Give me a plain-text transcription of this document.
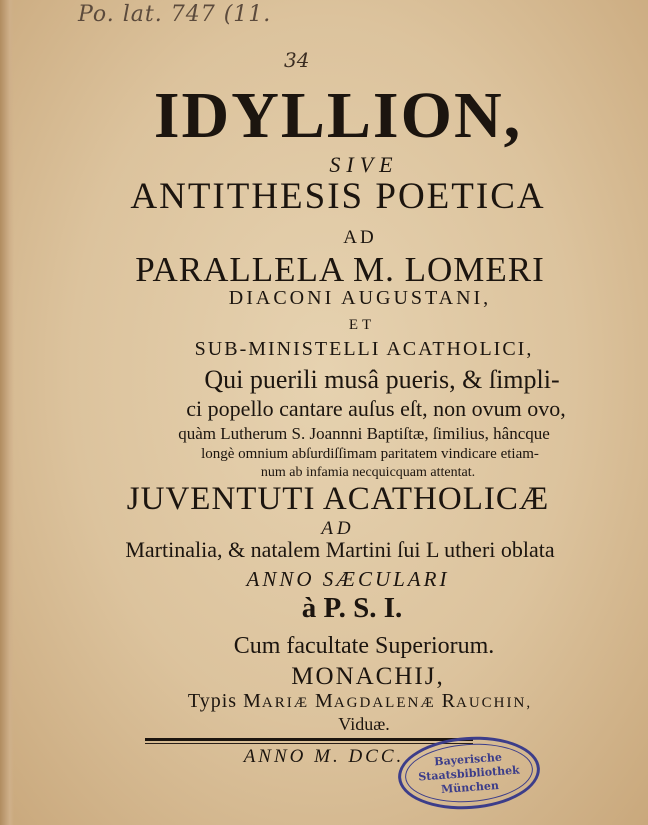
Po. lat. 747 (11.
34
IDYLLION,
SIVE
ANTITHESIS POETICA
AD
PARALLELA M. LOMERI
DIACONI AUGUSTANI,
ET
SUB-MINISTELLI ACATHOLICI,
Qui puerili musâ pueris, & ſimpli-
ci popello cantare auſus eſt, non ovum ovo,
quàm Lutherum S. Joannni Baptiſtæ, ſimilius, hâncque
longè omnium abſurdiſſimam paritatem vindicare etiam-
num ab infamia necquicquam attentat.
JUVENTUTI ACATHOLICÆ
AD
Martinalia, & natalem Martini ſui L utheri oblata
ANNO SÆCULARI
à P. S. I.
Cum facultate Superiorum.
MONACHIJ,
Typis MARIÆ MAGDALENÆ RAUCHIN,
Viduæ.
ANNO M. DCC.	Bayerische
Staatsbibliothek
München
